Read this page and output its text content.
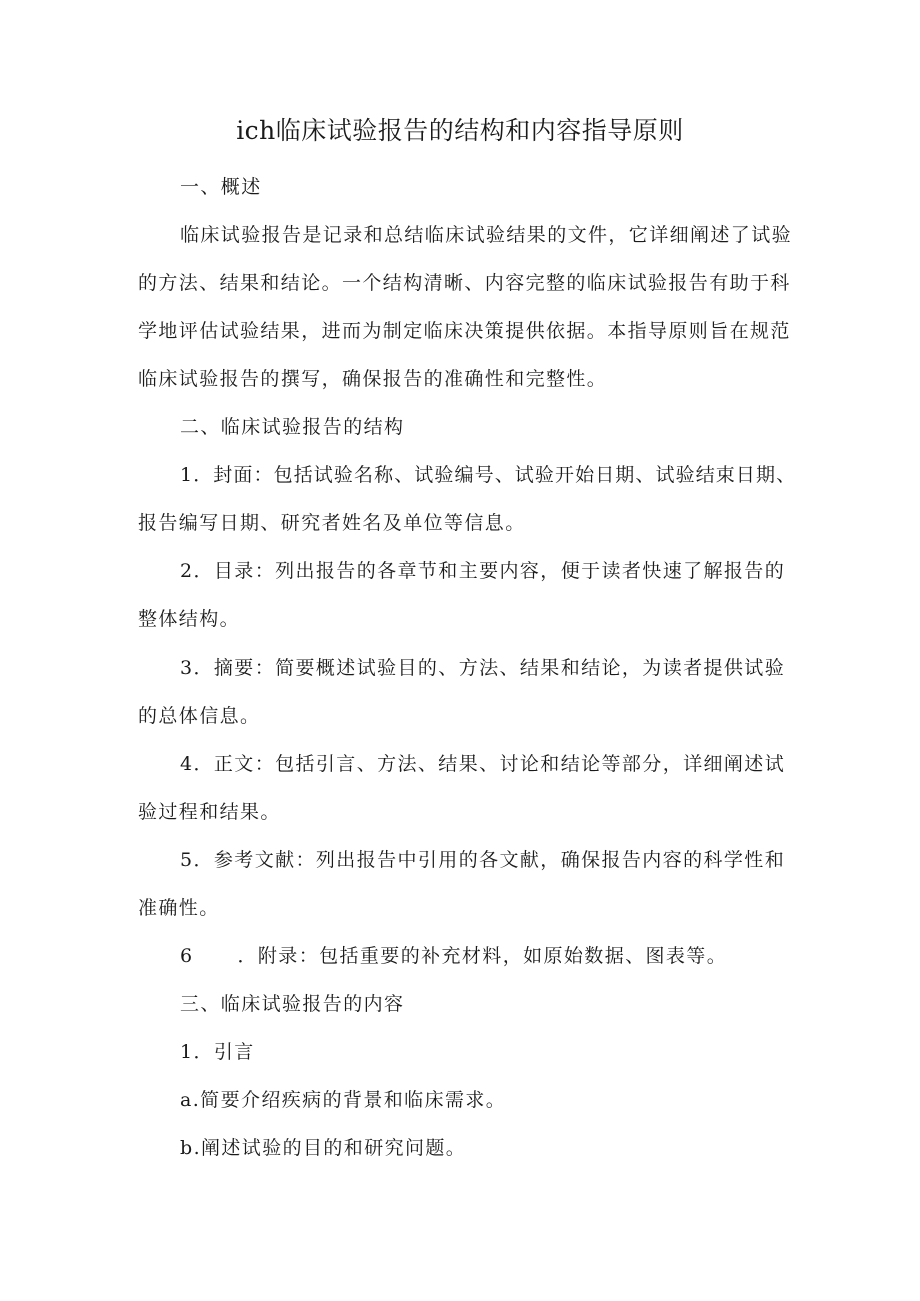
ich临床试验报告的结构和内容指导原则
一、概述
临床试验报告是记录和总结临床试验结果的文件，它详细阐述了试验
的方法、结果和结论。一个结构清晰、内容完整的临床试验报告有助于科
学地评估试验结果，进而为制定临床决策提供依据。本指导原则旨在规范
临床试验报告的撰写，确保报告的准确性和完整性。
二、临床试验报告的结构
1．封面：包括试验名称、试验编号、试验开始日期、试验结束日期、
报告编写日期、研究者姓名及单位等信息。
2．目录：列出报告的各章节和主要内容，便于读者快速了解报告的
整体结构。
3．摘要：简要概述试验目的、方法、结果和结论，为读者提供试验
的总体信息。
4．正文：包括引言、方法、结果、讨论和结论等部分，详细阐述试
验过程和结果。
5．参考文献：列出报告中引用的各文献，确保报告内容的科学性和
准确性。
6 ．附录：包括重要的补充材料，如原始数据、图表等。
三、临床试验报告的内容
1．引言
a.简要介绍疾病的背景和临床需求。
b.阐述试验的目的和研究问题。
